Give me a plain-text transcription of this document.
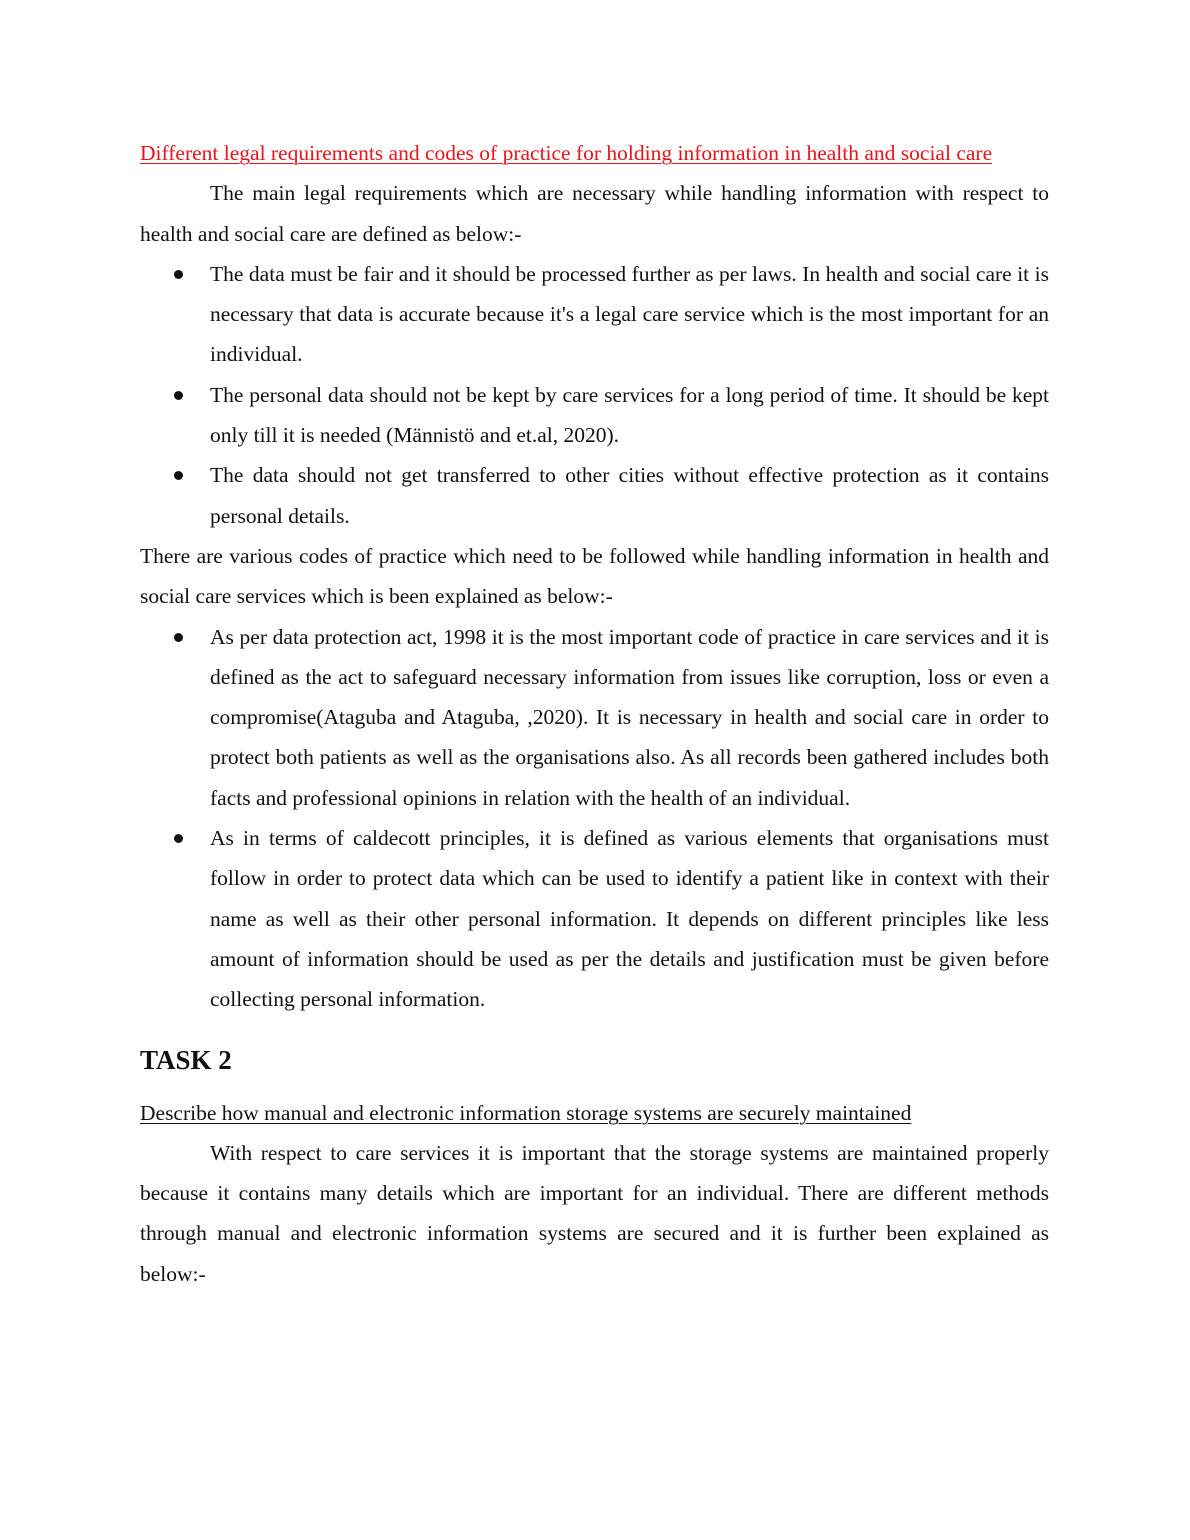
Different legal requirements and codes of practice for holding information in health and social care

The main legal requirements which are necessary while handling information with respect to health and social care are defined as below:-

The data must be fair and it should be processed further as per laws. In health and social care it is necessary that data is accurate because it's a legal care service which is the most important for an individual.
The personal data should not be kept by care services for a long period of time. It should be kept only till it is needed (Männistö and et.al, 2020).
The data should not get transferred to other cities without effective protection as it contains personal details.

There are various codes of practice which need to be followed while handling information in health and social care services which is been explained as below:-

As per data protection act, 1998 it is the most important code of practice in care services and it is defined as the act to safeguard necessary information from issues like corruption, loss or even a compromise(Ataguba and Ataguba, ,2020). It is necessary in health and social care in order to protect both patients as well as the organisations also. As all records been gathered includes both facts and professional opinions in relation with the health of an individual.
As in terms of caldecott principles, it is defined as various elements that organisations must follow in order to protect data which can be used to identify a patient like in context with their name as well as their other personal information. It depends on different principles like less amount of information should be used as per the details and justification must be given before collecting personal information.
TASK 2

Describe how manual and electronic information storage systems are securely maintained

With respect to care services it is important that the storage systems are maintained properly because it contains many details which are important for an individual. There are different methods through manual and electronic information systems are secured and it is further been explained as below:-
